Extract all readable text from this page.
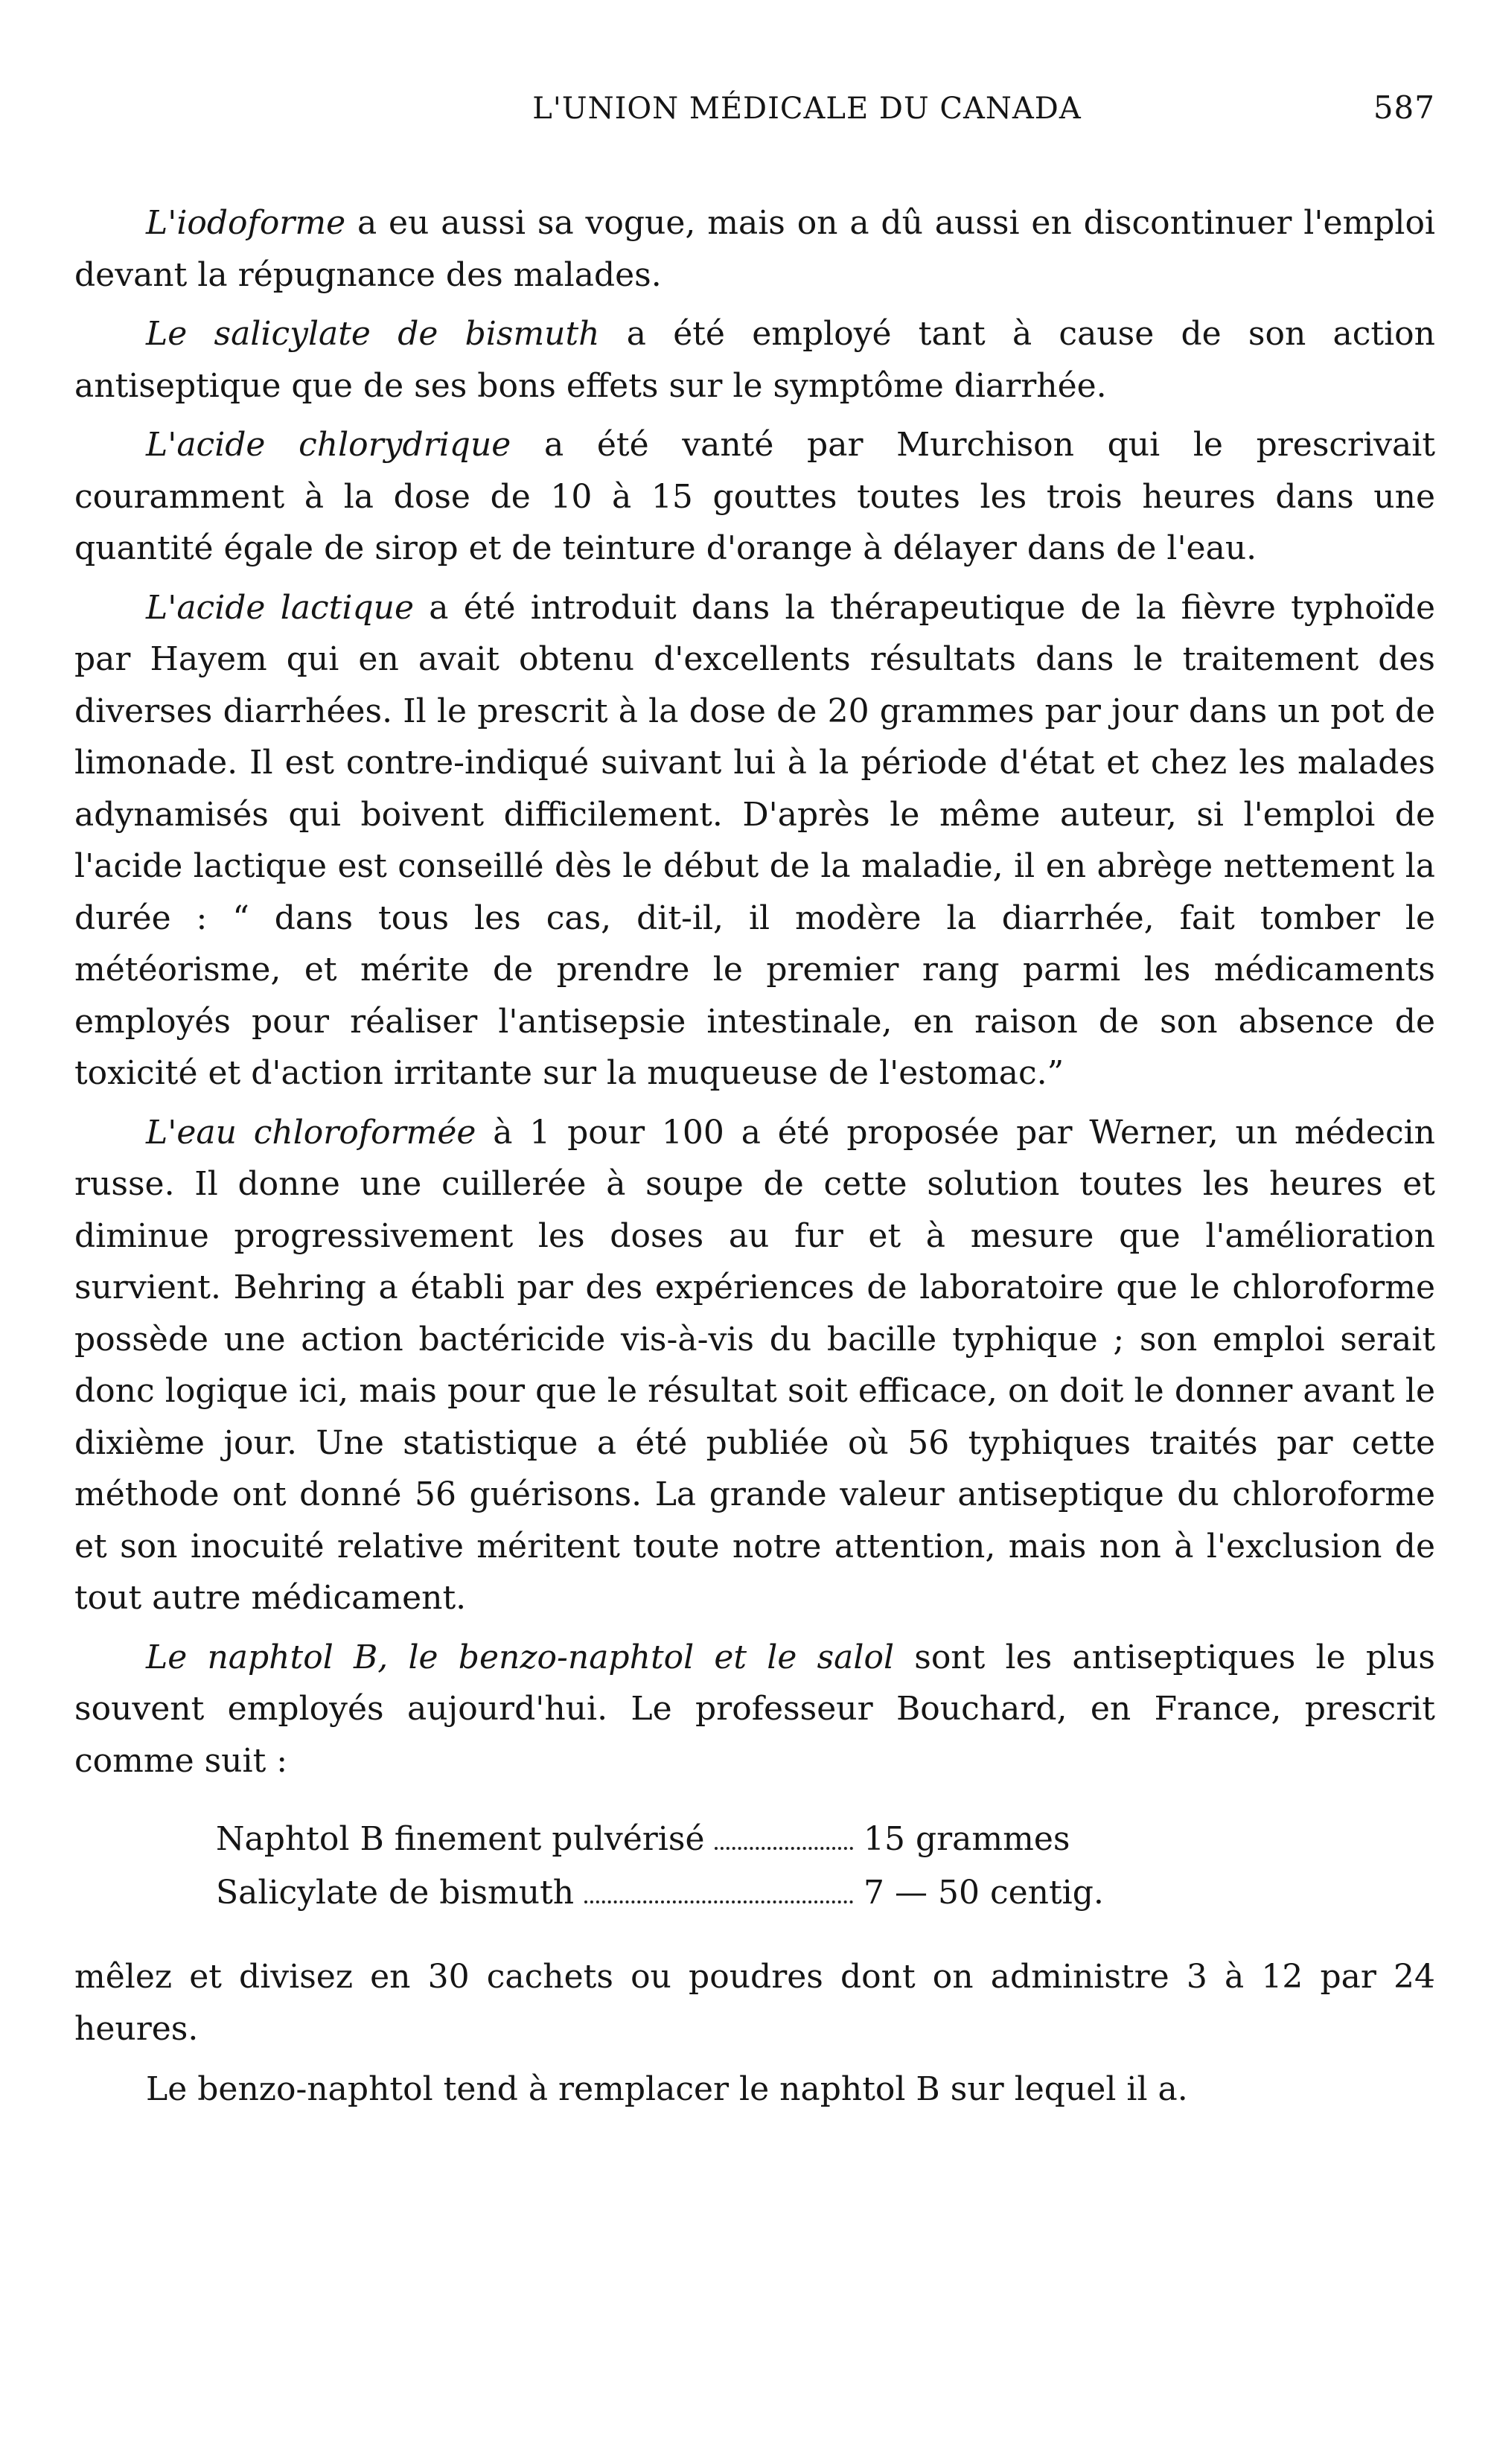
L'UNION MÉDICALE DU CANADA	587

L'iodoforme a eu aussi sa vogue, mais on a dû aussi en discontinuer l'emploi devant la répugnance des malades.

Le salicylate de bismuth a été employé tant à cause de son action antiseptique que de ses bons effets sur le symptôme diarrhée.

L'acide chlorydrique a été vanté par Murchison qui le prescrivait couramment à la dose de 10 à 15 gouttes toutes les trois heures dans une quantité égale de sirop et de teinture d'orange à délayer dans de l'eau.

L'acide lactique a été introduit dans la thérapeutique de la fièvre typhoïde par Hayem qui en avait obtenu d'excellents résultats dans le traitement des diverses diarrhées. Il le prescrit à la dose de 20 grammes par jour dans un pot de limonade. Il est contre-indiqué suivant lui à la période d'état et chez les malades adynamisés qui boivent difficilement. D'après le même auteur, si l'emploi de l'acide lactique est conseillé dès le début de la maladie, il en abrège nettement la durée : “ dans tous les cas, dit-il, il modère la diarrhée, fait tomber le météorisme, et mérite de prendre le premier rang parmi les médicaments employés pour réaliser l'antisepsie intestinale, en raison de son absence de toxicité et d'action irritante sur la muqueuse de l'estomac.”

L'eau chloroformée à 1 pour 100 a été proposée par Werner, un médecin russe. Il donne une cuillerée à soupe de cette solution toutes les heures et diminue progressivement les doses au fur et à mesure que l'amélioration survient. Behring a établi par des expériences de laboratoire que le chloroforme possède une action bactéricide vis-à-vis du bacille typhique ; son emploi serait donc logique ici, mais pour que le résultat soit efficace, on doit le donner avant le dixième jour. Une statistique a été publiée où 56 typhiques traités par cette méthode ont donné 56 guérisons. La grande valeur antiseptique du chloroforme et son inocuité relative méritent toute notre attention, mais non à l'exclusion de tout autre médicament.

Le naphtol B, le benzo-naphtol et le salol sont les antiseptiques le plus souvent employés aujourd'hui. Le professeur Bouchard, en France, prescrit comme suit :

Naphtol B finement pulvérisé	15 grammes
Salicylate de bismuth	7 — 50 centig.

mêlez et divisez en 30 cachets ou poudres dont on administre 3 à 12 par 24 heures.

Le benzo-naphtol tend à remplacer le naphtol B sur lequel il a.
